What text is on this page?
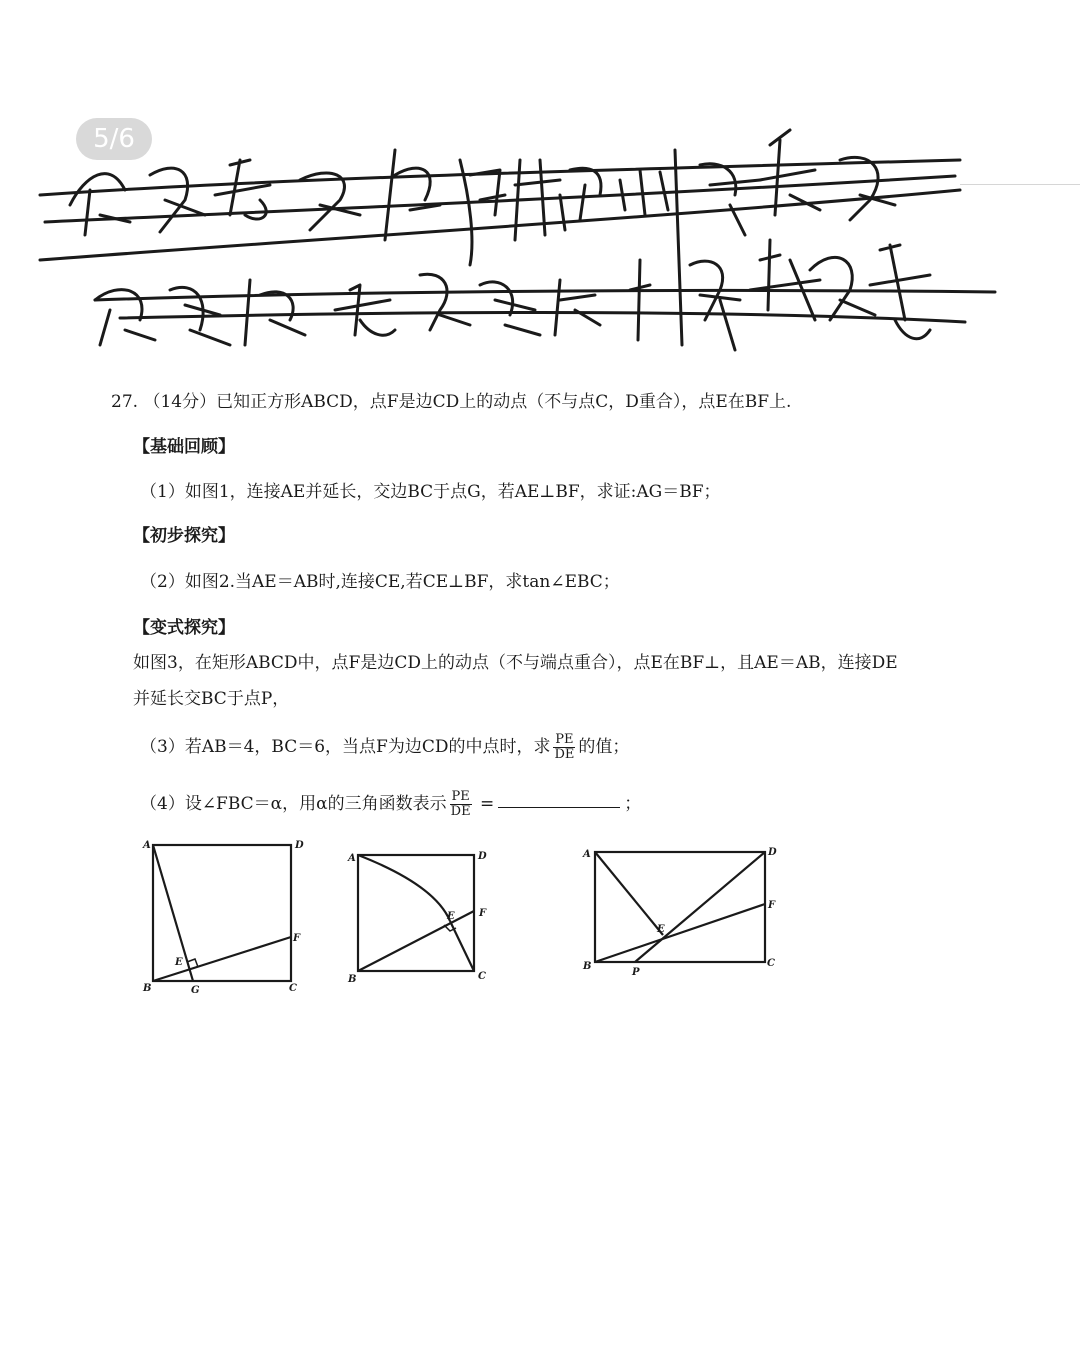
5/6
27. （14分）已知正方形ABCD，点F是边CD上的动点（不与点C，D重合），点E在BF上.
【基础回顾】
（1）如图1，连接AE并延长，交边BC于点G，若AE⊥BF，求证:AG＝BF；
【初步探究】
（2）如图2.当AE＝AB时,连接CE,若CE⊥BF，求tan∠EBC；
【变式探究】
如图3，在矩形ABCD中，点F是边CD上的动点（不与端点重合），点E在BF⊥，且AE＝AB，连接DE
并延长交BC于点P，
（3）若AB＝4，BC＝6，当点F为边CD的中点时，求 $\frac{PE}{DE}$ 的值；
（4）设∠FBC＝α，用α的三角函数表示 $\frac{PE}{DE}$ =	；
A	D
B	C
E
F
G
A	D
B	C
E F
A	D
B	C
E
F
P
